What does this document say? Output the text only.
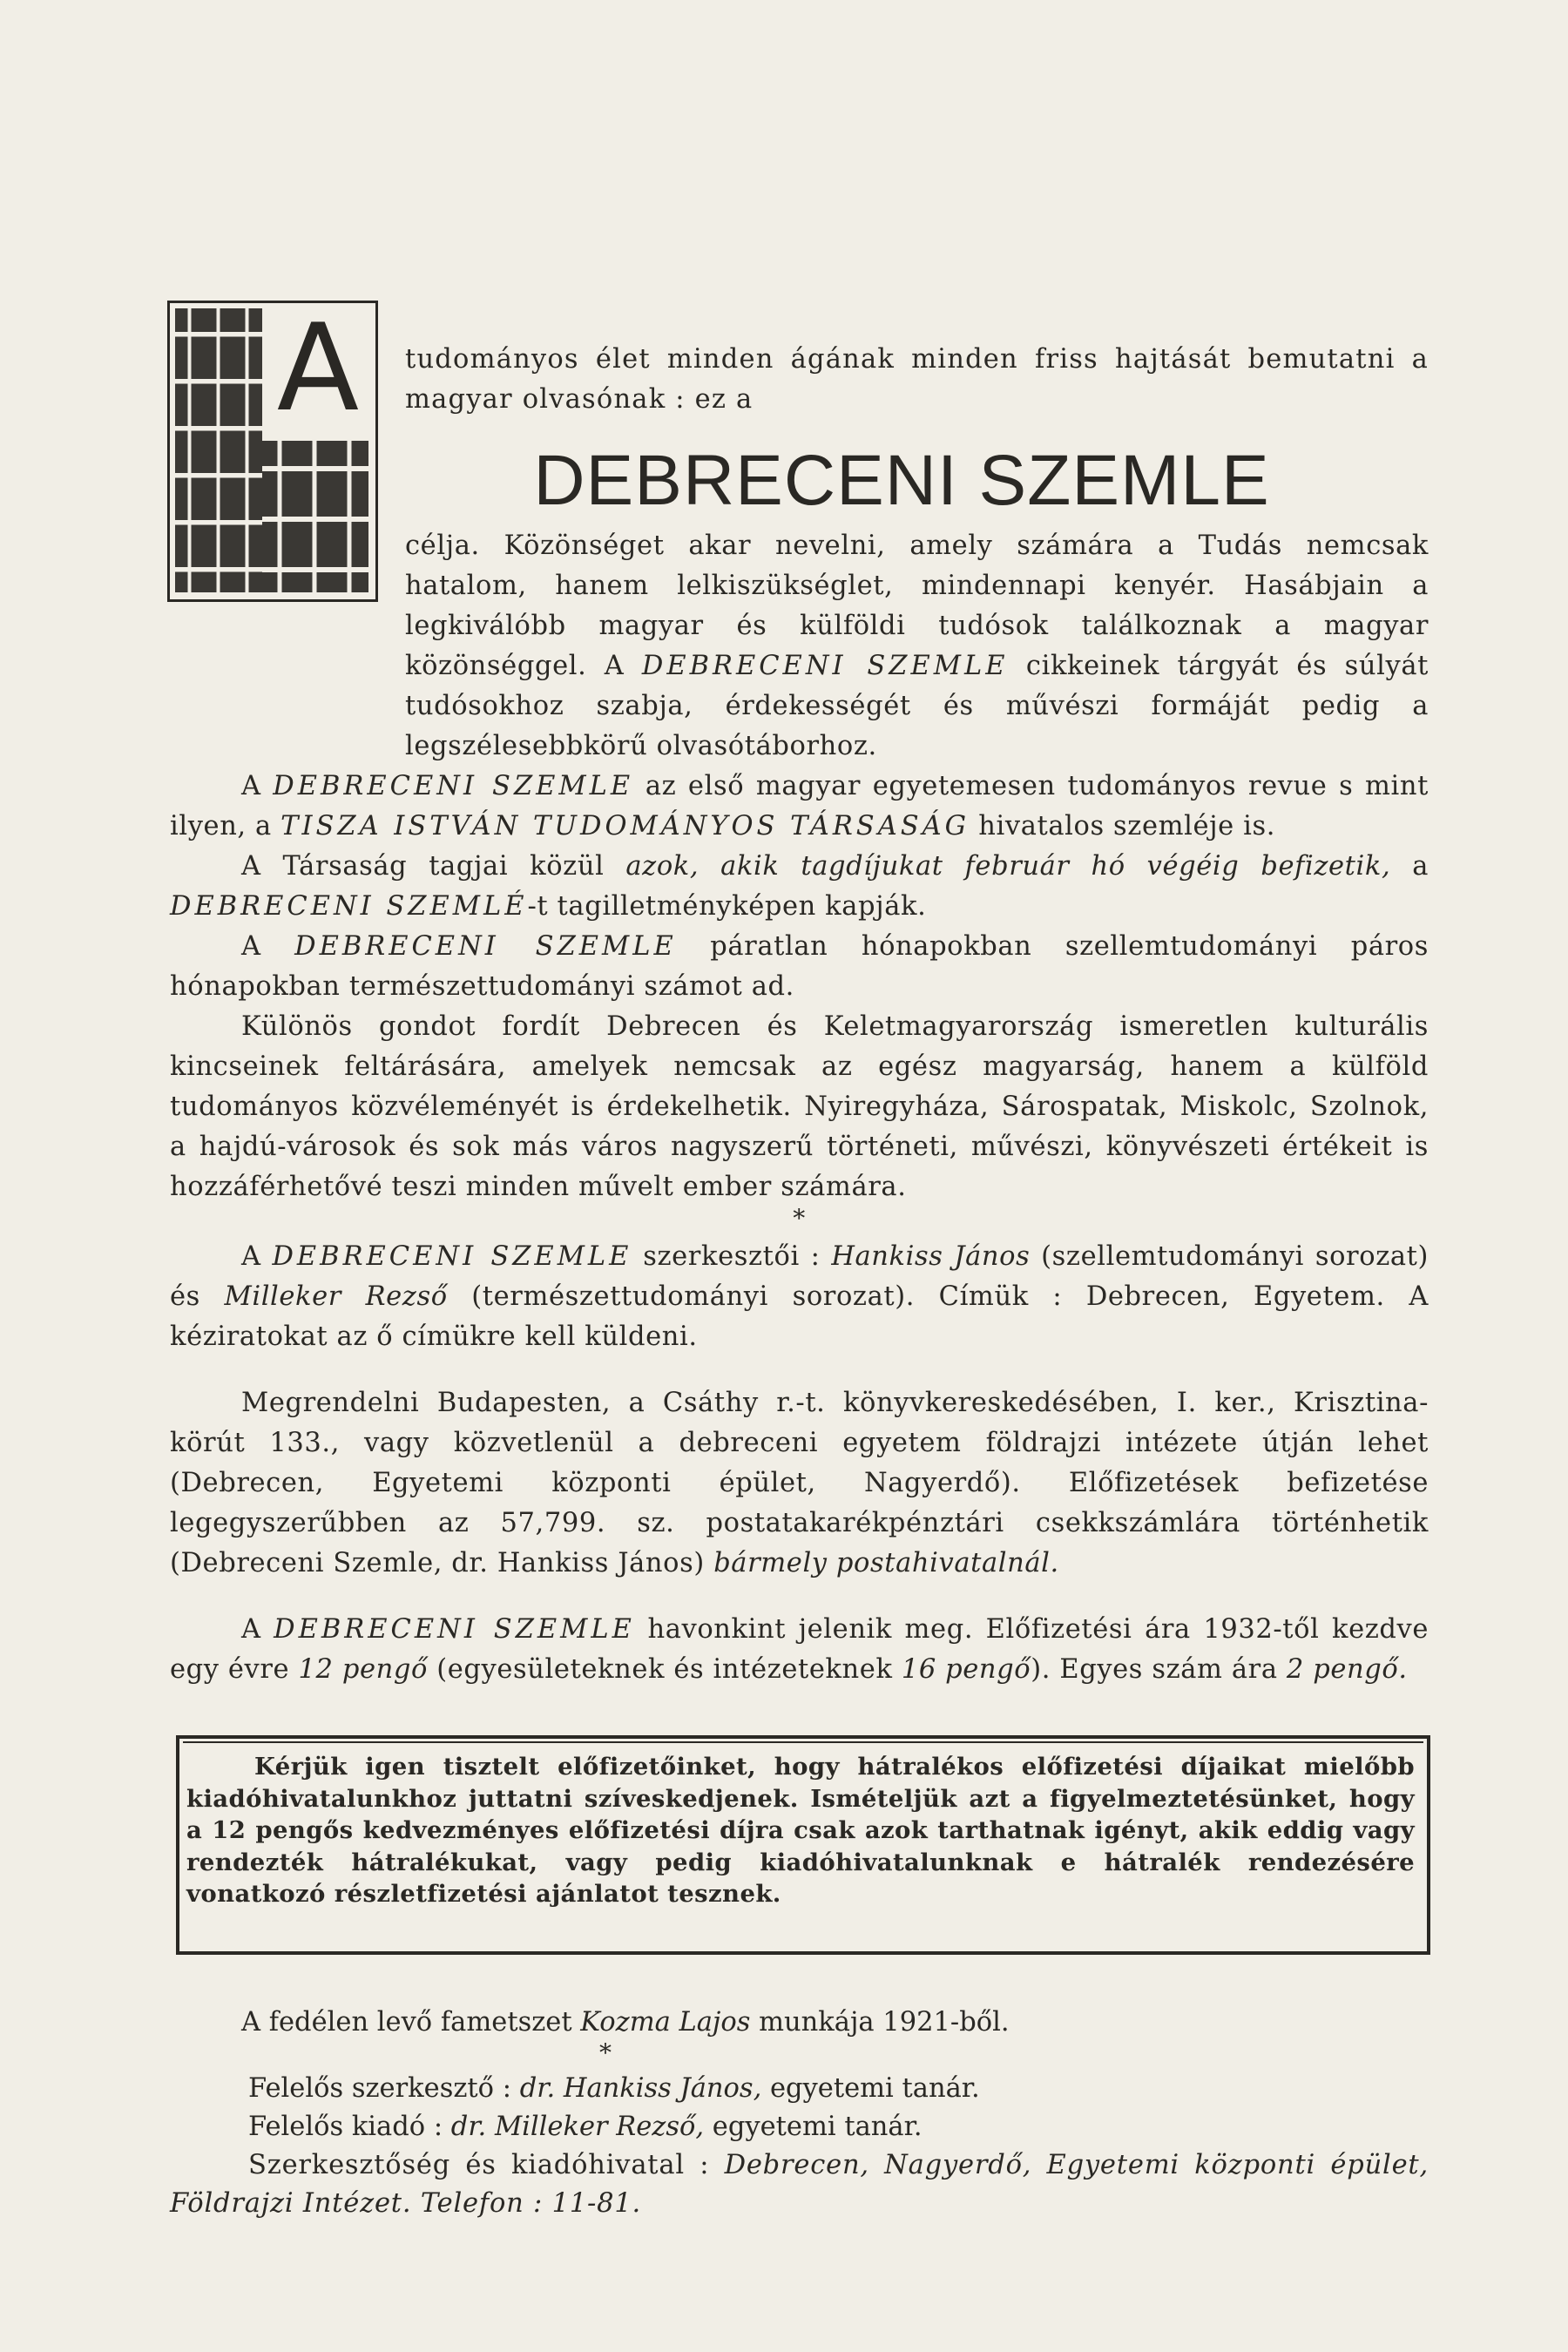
A	tudományos élet minden ágának minden friss hajtását bemutatni a magyar olvasónak : ez a
DEBRECENI SZEMLE

célja. Közönséget akar nevelni, amely számára a Tudás nemcsak hatalom, hanem lelkiszükséglet, mindennapi kenyér. Hasábjain a legkiválóbb magyar és külföldi tudósok találkoznak a magyar közönséggel. A DEBRECENI SZEMLE cikkeinek tárgyát és súlyát tudósokhoz szabja, érdekességét és művészi formáját pedig a legszélesebbkörű olvasótáborhoz.

A DEBRECENI SZEMLE az első magyar egyetemesen tudományos revue s mint ilyen, a TISZA ISTVÁN TUDOMÁNYOS TÁRSASÁG hivatalos szemléje is.

A Társaság tagjai közül azok, akik tagdíjukat február hó végéig befizetik, a DEBRECENI SZEMLÉ-t tagilletményképen kapják.

A DEBRECENI SZEMLE páratlan hónapokban szellemtudományi páros hónapokban természettudományi számot ad.

Különös gondot fordít Debrecen és Keletmagyarország ismeretlen kulturális kincseinek feltárására, amelyek nemcsak az egész magyarság, hanem a külföld tudományos közvéleményét is érdekelhetik. Nyiregyháza, Sárospatak, Miskolc, Szolnok, a hajdú-városok és sok más város nagyszerű történeti, művészi, könyvészeti értékeit is hozzáférhetővé teszi minden művelt ember számára.

*

A DEBRECENI SZEMLE szerkesztői : Hankiss János (szellemtudományi sorozat) és Milleker Rezső (természettudományi sorozat). Címük : Debrecen, Egyetem. A kéziratokat az ő címükre kell küldeni.

Megrendelni Budapesten, a Csáthy r.-t. könyvkereskedésében, I. ker., Krisztina-körút 133., vagy közvetlenül a debreceni egyetem földrajzi intézete útján lehet (Debrecen, Egyetemi központi épület, Nagyerdő). Előfizetések befizetése legegyszerűbben az 57,799. sz. postatakarékpénztári csekkszámlára történhetik (Debreceni Szemle, dr. Hankiss János) bármely postahivatalnál.

A DEBRECENI SZEMLE havonkint jelenik meg. Előfizetési ára 1932-től kezdve egy évre 12 pengő (egyesületeknek és intézeteknek 16 pengő). Egyes szám ára 2 pengő.

Kérjük igen tisztelt előfizetőinket, hogy hátralékos előfizetési díjaikat mielőbb kiadóhivatalunkhoz juttatni szíveskedjenek. Ismételjük azt a figyelmeztetésünket, hogy a 12 pengős kedvezményes előfizetési díjra csak azok tarthatnak igényt, akik eddig vagy rendezték hátralékukat, vagy pedig kiadóhivatalunknak e hátralék rendezésére vonatkozó részletfizetési ajánlatot tesznek.

A fedélen levő fametszet Kozma Lajos munkája 1921-ből.

*

Felelős szerkesztő : dr. Hankiss János, egyetemi tanár.

Felelős kiadó : dr. Milleker Rezső, egyetemi tanár.

Szerkesztőség és kiadóhivatal : Debrecen, Nagyerdő, Egyetemi központi épület, Földrajzi Intézet. Telefon : 11-81.
